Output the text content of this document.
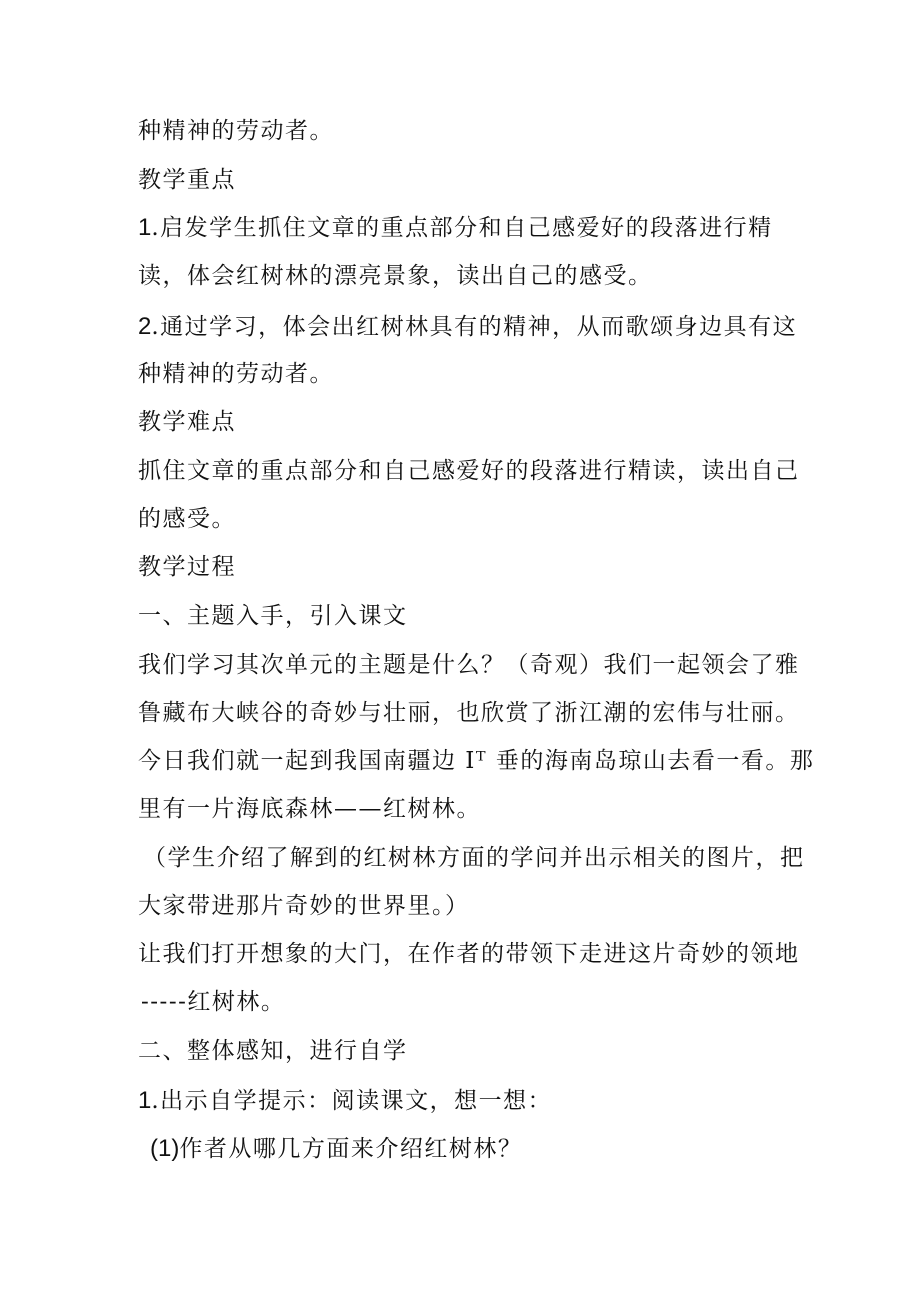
种精神的劳动者。
教学重点
1.启发学生抓住文章的重点部分和自己感爱好的段落进行精
读，体会红树林的漂亮景象，读出自己的感受。
2.通过学习，体会出红树林具有的精神，从而歌颂身边具有这
种精神的劳动者。
教学难点
抓住文章的重点部分和自己感爱好的段落进行精读，读出自己
的感受。
教学过程
一、主题入手，引入课文
我们学习其次单元的主题是什么？（奇观）我们一起领会了雅
鲁藏布大峡谷的奇妙与壮丽，也欣赏了浙江潮的宏伟与壮丽。
今日我们就一起到我国南疆边 Iᵀ 垂的海南岛琼山去看一看。那
里有一片海底森林——红树林。
（学生介绍了解到的红树林方面的学问并出示相关的图片，把
大家带进那片奇妙的世界里。）
让我们打开想象的大门，在作者的带领下走进这片奇妙的领地
-----红树林。
二、整体感知，进行自学
1.出示自学提示：阅读课文，想一想：
(1)作者从哪几方面来介绍红树林？
